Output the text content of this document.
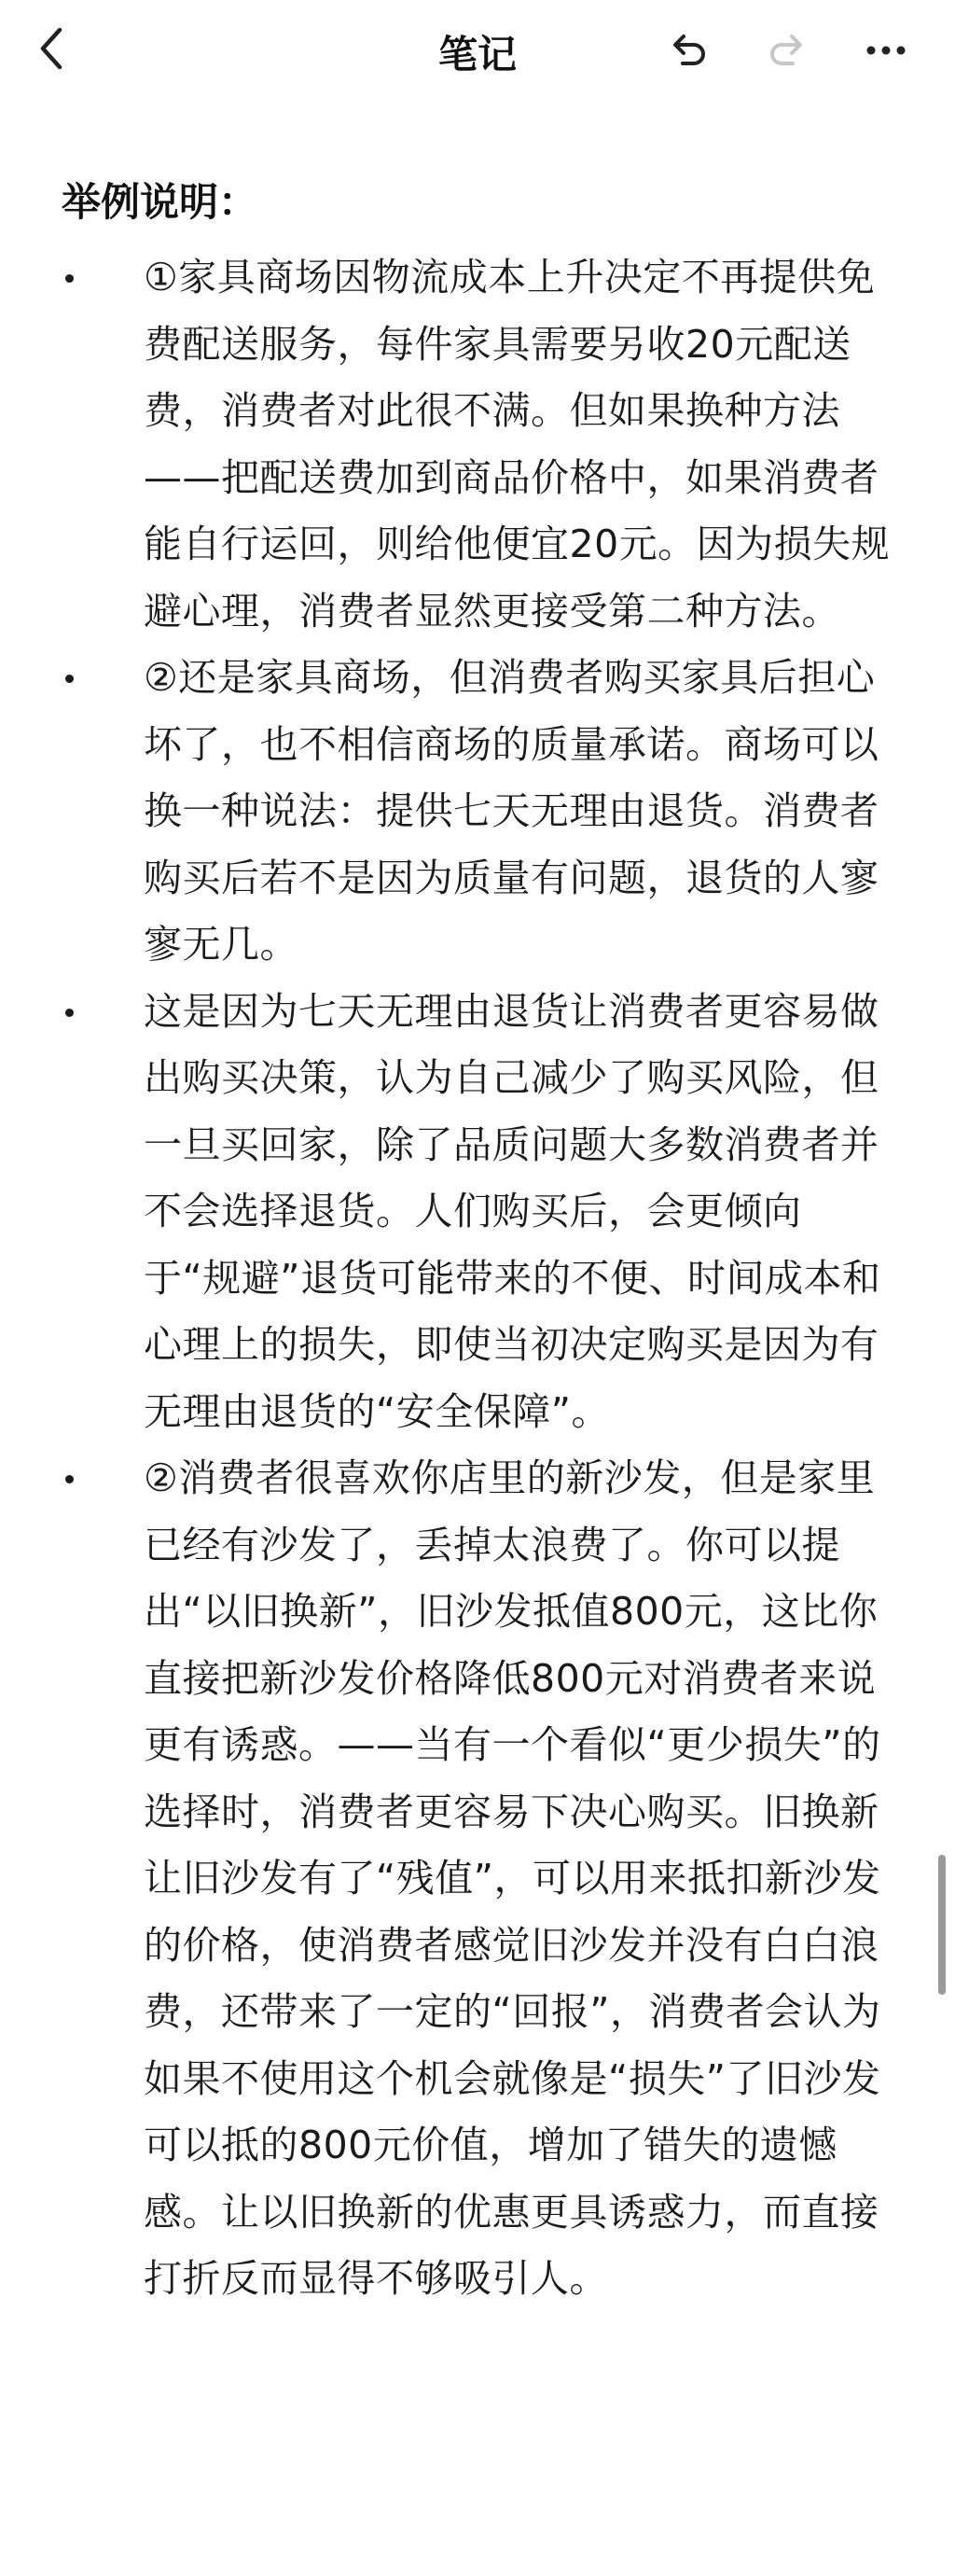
笔记
举例说明：
①家具商场因物流成本上升决定不再提供免费配送服务，每件家具需要另收20元配送费，消费者对此很不满。但如果换种方法——把配送费加到商品价格中，如果消费者能自行运回，则给他便宜20元。因为损失规避心理，消费者显然更接受第二种方法。
②还是家具商场，但消费者购买家具后担心坏了，也不相信商场的质量承诺。商场可以换一种说法：提供七天无理由退货。消费者购买后若不是因为质量有问题，退货的人寥寥无几。
这是因为七天无理由退货让消费者更容易做出购买决策，认为自己减少了购买风险，但一旦买回家，除了品质问题大多数消费者并不会选择退货。人们购买后，会更倾向于“规避”退货可能带来的不便、时间成本和心理上的损失，即使当初决定购买是因为有无理由退货的“安全保障”。
②消费者很喜欢你店里的新沙发，但是家里已经有沙发了，丢掉太浪费了。你可以提出“以旧换新”，旧沙发抵值800元，这比你直接把新沙发价格降低800元对消费者来说更有诱惑。——当有一个看似“更少损失”的选择时，消费者更容易下决心购买。旧换新让旧沙发有了“残值”，可以用来抵扣新沙发的价格，使消费者感觉旧沙发并没有白白浪费，还带来了一定的“回报”，消费者会认为如果不使用这个机会就像是“损失”了旧沙发可以抵的800元价值，增加了错失的遗憾感。让以旧换新的优惠更具诱惑力，而直接打折反而显得不够吸引人。
